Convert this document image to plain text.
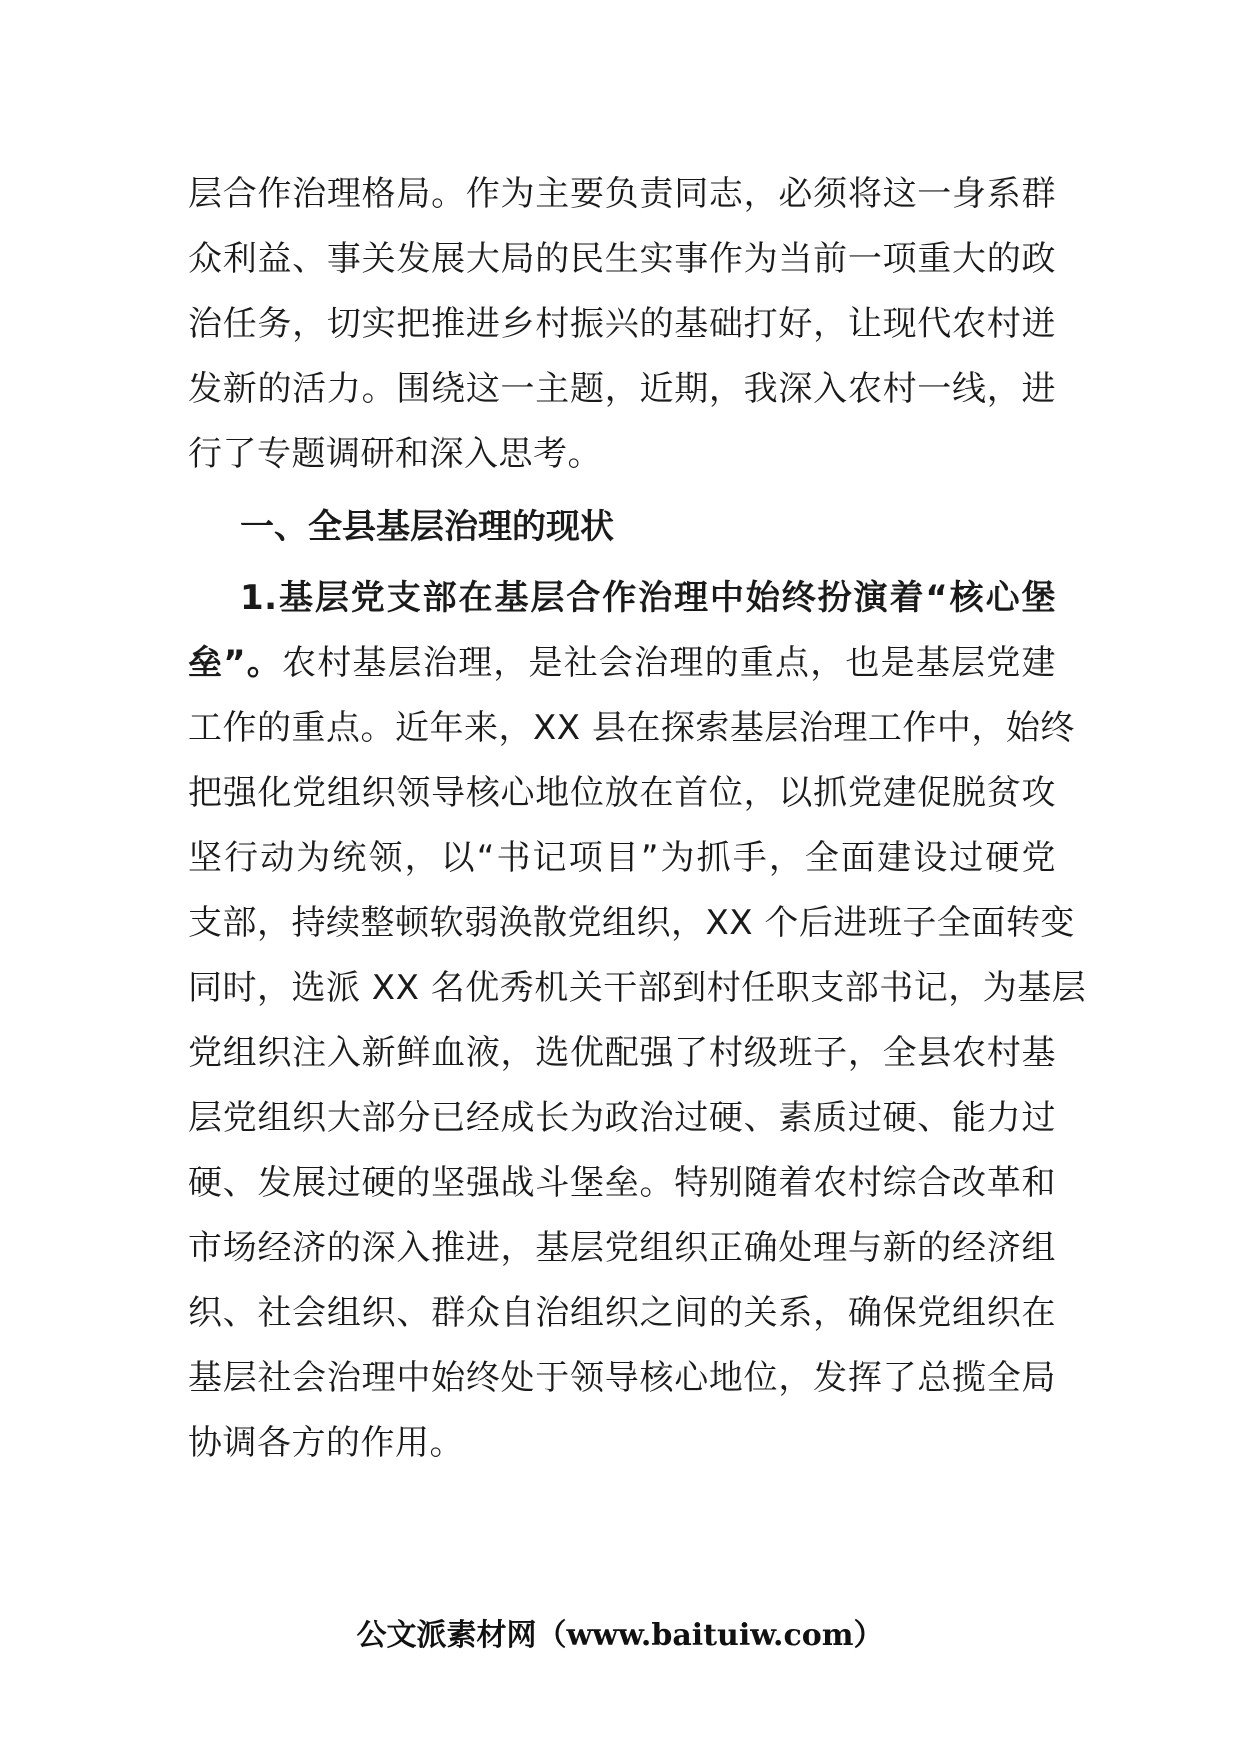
层合作治理格局。作为主要负责同志，必须将这一身系群
众利益、事关发展大局的民生实事作为当前一项重大的政
治任务，切实把推进乡村振兴的基础打好，让现代农村迸
发新的活力。围绕这一主题，近期，我深入农村一线，进
行了专题调研和深入思考。
一、全县基层治理的现状
1.基层党支部在基层合作治理中始终扮演着“核心堡
垒”。农村基层治理，是社会治理的重点，也是基层党建
工作的重点。近年来，XX 县在探索基层治理工作中，始终
把强化党组织领导核心地位放在首位，以抓党建促脱贫攻
坚行动为统领，以“书记项目”为抓手，全面建设过硬党
支部，持续整顿软弱涣散党组织，XX 个后进班子全面转变
同时，选派 XX 名优秀机关干部到村任职支部书记，为基层
党组织注入新鲜血液，选优配强了村级班子，全县农村基
层党组织大部分已经成长为政治过硬、素质过硬、能力过
硬、发展过硬的坚强战斗堡垒。特别随着农村综合改革和
市场经济的深入推进，基层党组织正确处理与新的经济组
织、社会组织、群众自治组织之间的关系，确保党组织在
基层社会治理中始终处于领导核心地位，发挥了总揽全局
协调各方的作用。
公文派素材网（www.baituiw.com）
